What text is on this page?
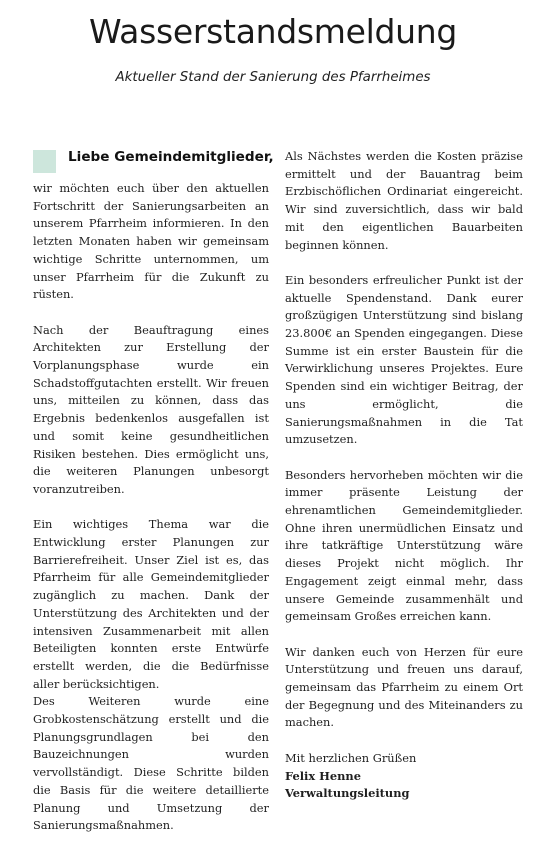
Wasserstandsmeldung
Aktueller Stand der Sanierung des Pfarrheimes
Liebe Gemeindemitglieder,

wir möchten euch über den aktuellen Fortschritt der Sanierungsarbeiten an unserem Pfarrheim informieren. In den letzten Monaten haben wir gemeinsam wichtige Schritte unternommen, um unser Pfarrheim für die Zukunft zu rüsten.

Nach der Beauftragung eines Architekten zur Erstellung der Vorplanungsphase wurde ein Schadstoffgutachten erstellt. Wir freuen uns, mitteilen zu können, dass das Ergebnis bedenkenlos ausgefallen ist und somit keine gesundheitlichen Risiken bestehen. Dies ermöglicht uns, die weiteren Planungen unbesorgt voranzutreiben.

Ein wichtiges Thema war die Entwicklung erster Planungen zur Barrierefreiheit. Unser Ziel ist es, das Pfarrheim für alle Gemeindemitglieder zugänglich zu machen. Dank der Unterstützung des Architekten und der intensiven Zusammenarbeit mit allen Beteiligten konnten erste Entwürfe erstellt werden, die die Bedürfnisse aller berücksichtigen.

Des Weiteren wurde eine Grobkostenschätzung erstellt und die Planungsgrundlagen bei den Bauzeichnungen wurden vervollständigt. Diese Schritte bilden die Basis für die weitere detaillierte Planung und Umsetzung der Sanierungsmaßnahmen.

Als Nächstes werden die Kosten präzise ermittelt und der Bauantrag beim Erzbischöflichen Ordinariat eingereicht. Wir sind zuversichtlich, dass wir bald mit den eigentlichen Bauarbeiten beginnen können.

Ein besonders erfreulicher Punkt ist der aktuelle Spendenstand. Dank eurer großzügigen Unterstützung sind bislang 23.800€ an Spenden eingegangen. Diese Summe ist ein erster Baustein für die Verwirklichung unseres Projektes. Eure Spenden sind ein wichtiger Beitrag, der uns ermöglicht, die Sanierungsmaßnahmen in die Tat umzusetzen.

Besonders hervorheben möchten wir die immer präsente Leistung der ehrenamtlichen Gemeindemitglieder. Ohne ihren unermüdlichen Einsatz und ihre tatkräftige Unterstützung wäre dieses Projekt nicht möglich. Ihr Engagement zeigt einmal mehr, dass unsere Gemeinde zusammenhält und gemeinsam Großes erreichen kann.

Wir danken euch von Herzen für eure Unterstützung und freuen uns darauf, gemeinsam das Pfarrheim zu einem Ort der Begegnung und des Miteinanders zu machen.

Mit herzlichen Grüßen
Felix Henne
Verwaltungsleitung
